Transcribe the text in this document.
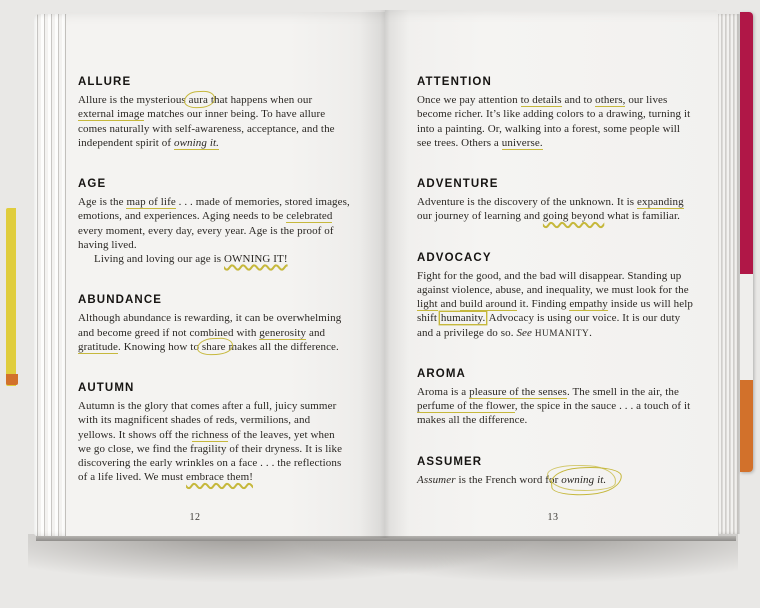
ALLURE

Allure is the mysterious aura that happens when our external image matches our inner being. To have allure comes naturally with self-awareness, acceptance, and the independent spirit of owning it.

AGE

Age is the map of life . . . made of memories, stored images, emotions, and experiences. Aging needs to be celebrated every moment, every day, every year. Age is the proof of having lived.

Living and loving our age is OWNING IT!

ABUNDANCE

Although abundance is rewarding, it can be overwhelming and become greed if not combined with generosity and gratitude. Knowing how to share makes all the difference.

AUTUMN

Autumn is the glory that comes after a full, juicy summer with its magnificent shades of reds, vermilions, and yellows. It shows off the richness of the leaves, yet when we go close, we find the fragility of their dryness. It is like discovering the early wrinkles on a face . . . the reflections of a life lived. We must embrace them!

ATTENTION

Once we pay attention to details and to others, our lives become richer. It’s like adding colors to a drawing, turning it into a painting. Or, walking into a forest, some people will see trees. Others a universe.

ADVENTURE

Adventure is the discovery of the unknown. It is expanding our journey of learning and going beyond what is familiar.

ADVOCACY

Fight for the good, and the bad will disappear. Standing up against violence, abuse, and inequality, we must look for the light and build around it. Finding empathy inside us will help shift humanity. Advocacy is using our voice. It is our duty and a privilege do so. See HUMANITY.

AROMA

Aroma is a pleasure of the senses. The smell in the air, the perfume of the flower, the spice in the sauce . . . a touch of it makes all the difference.

ASSUMER

Assumer is the French word for owning it.

12	13
